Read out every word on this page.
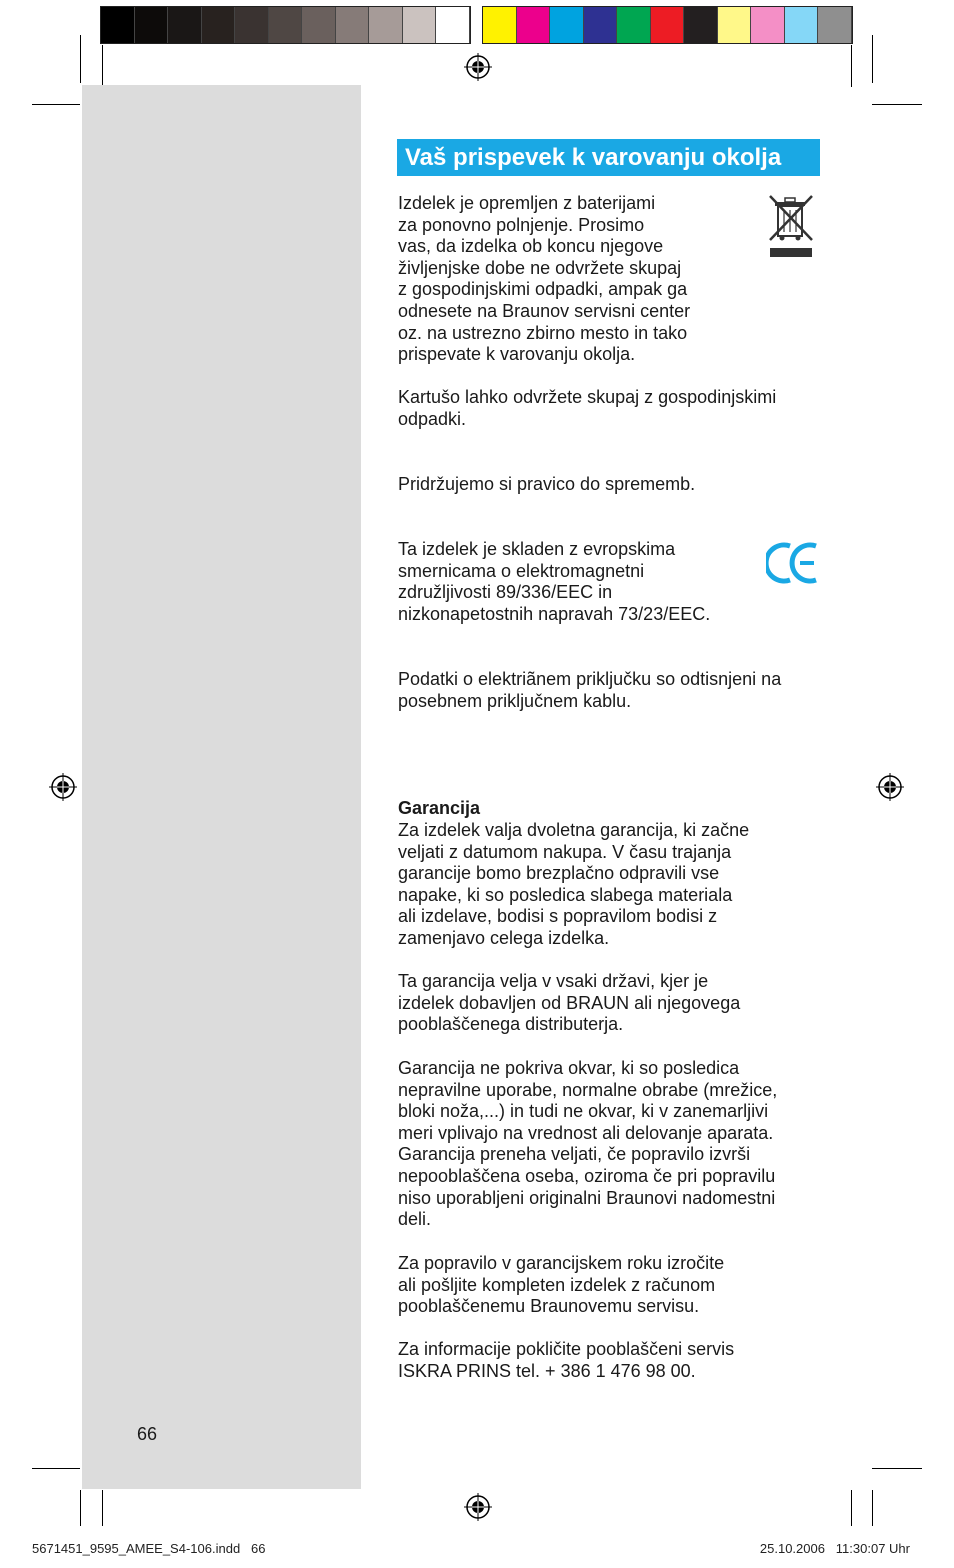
Vaš prispevek k varovanju okolja
Izdelek je opremljen z baterijami
za ponovno polnjenje. Prosimo
vas, da izdelka ob koncu njegove
življenjske dobe ne odvržete skupaj
z gospodinjskimi odpadki, ampak ga
odnesete na Braunov servisni center
oz. na ustrezno zbirno mesto in tako
prispevate k varovanju okolja.
Kartušo lahko odvržete skupaj z gospodinjskimi
odpadki.
Pridržujemo si pravico do sprememb.
Ta izdelek je skladen z evropskima
smernicama o elektromagnetni
združljivosti 89/336/EEC in
nizkonapetostnih napravah 73/23/EEC.
Podatki o elektriãnem priključku so odtisnjeni na
posebnem priključnem kablu.
Garancija
Za izdelek valja dvoletna garancija, ki začne
veljati z datumom nakupa. V času trajanja
garancije bomo brezplačno odpravili vse
napake, ki so posledica slabega materiala
ali izdelave, bodisi s popravilom bodisi z
zamenjavo celega izdelka.
Ta garancija velja v vsaki državi, kjer je
izdelek dobavljen od BRAUN ali njegovega
pooblaščenega distributerja.
Garancija ne pokriva okvar, ki so posledica
nepravilne uporabe, normalne obrabe (mrežice,
bloki noža,...) in tudi ne okvar, ki v zanemarljivi
meri vplivajo na vrednost ali delovanje aparata.
Garancija preneha veljati, če popravilo izvrši
nepooblaščena oseba, oziroma če pri popravilu
niso uporabljeni originalni Braunovi nadomestni
deli.
Za popravilo v garancijskem roku izročite
ali pošljite kompleten izdelek z računom
pooblaščenemu Braunovemu servisu.
Za informacije pokličite pooblaščeni servis
ISKRA PRINS tel. + 386 1 476 98 00.
66
5671451_9595_AMEE_S4-106.indd   66	25.10.2006   11:30:07 Uhr
